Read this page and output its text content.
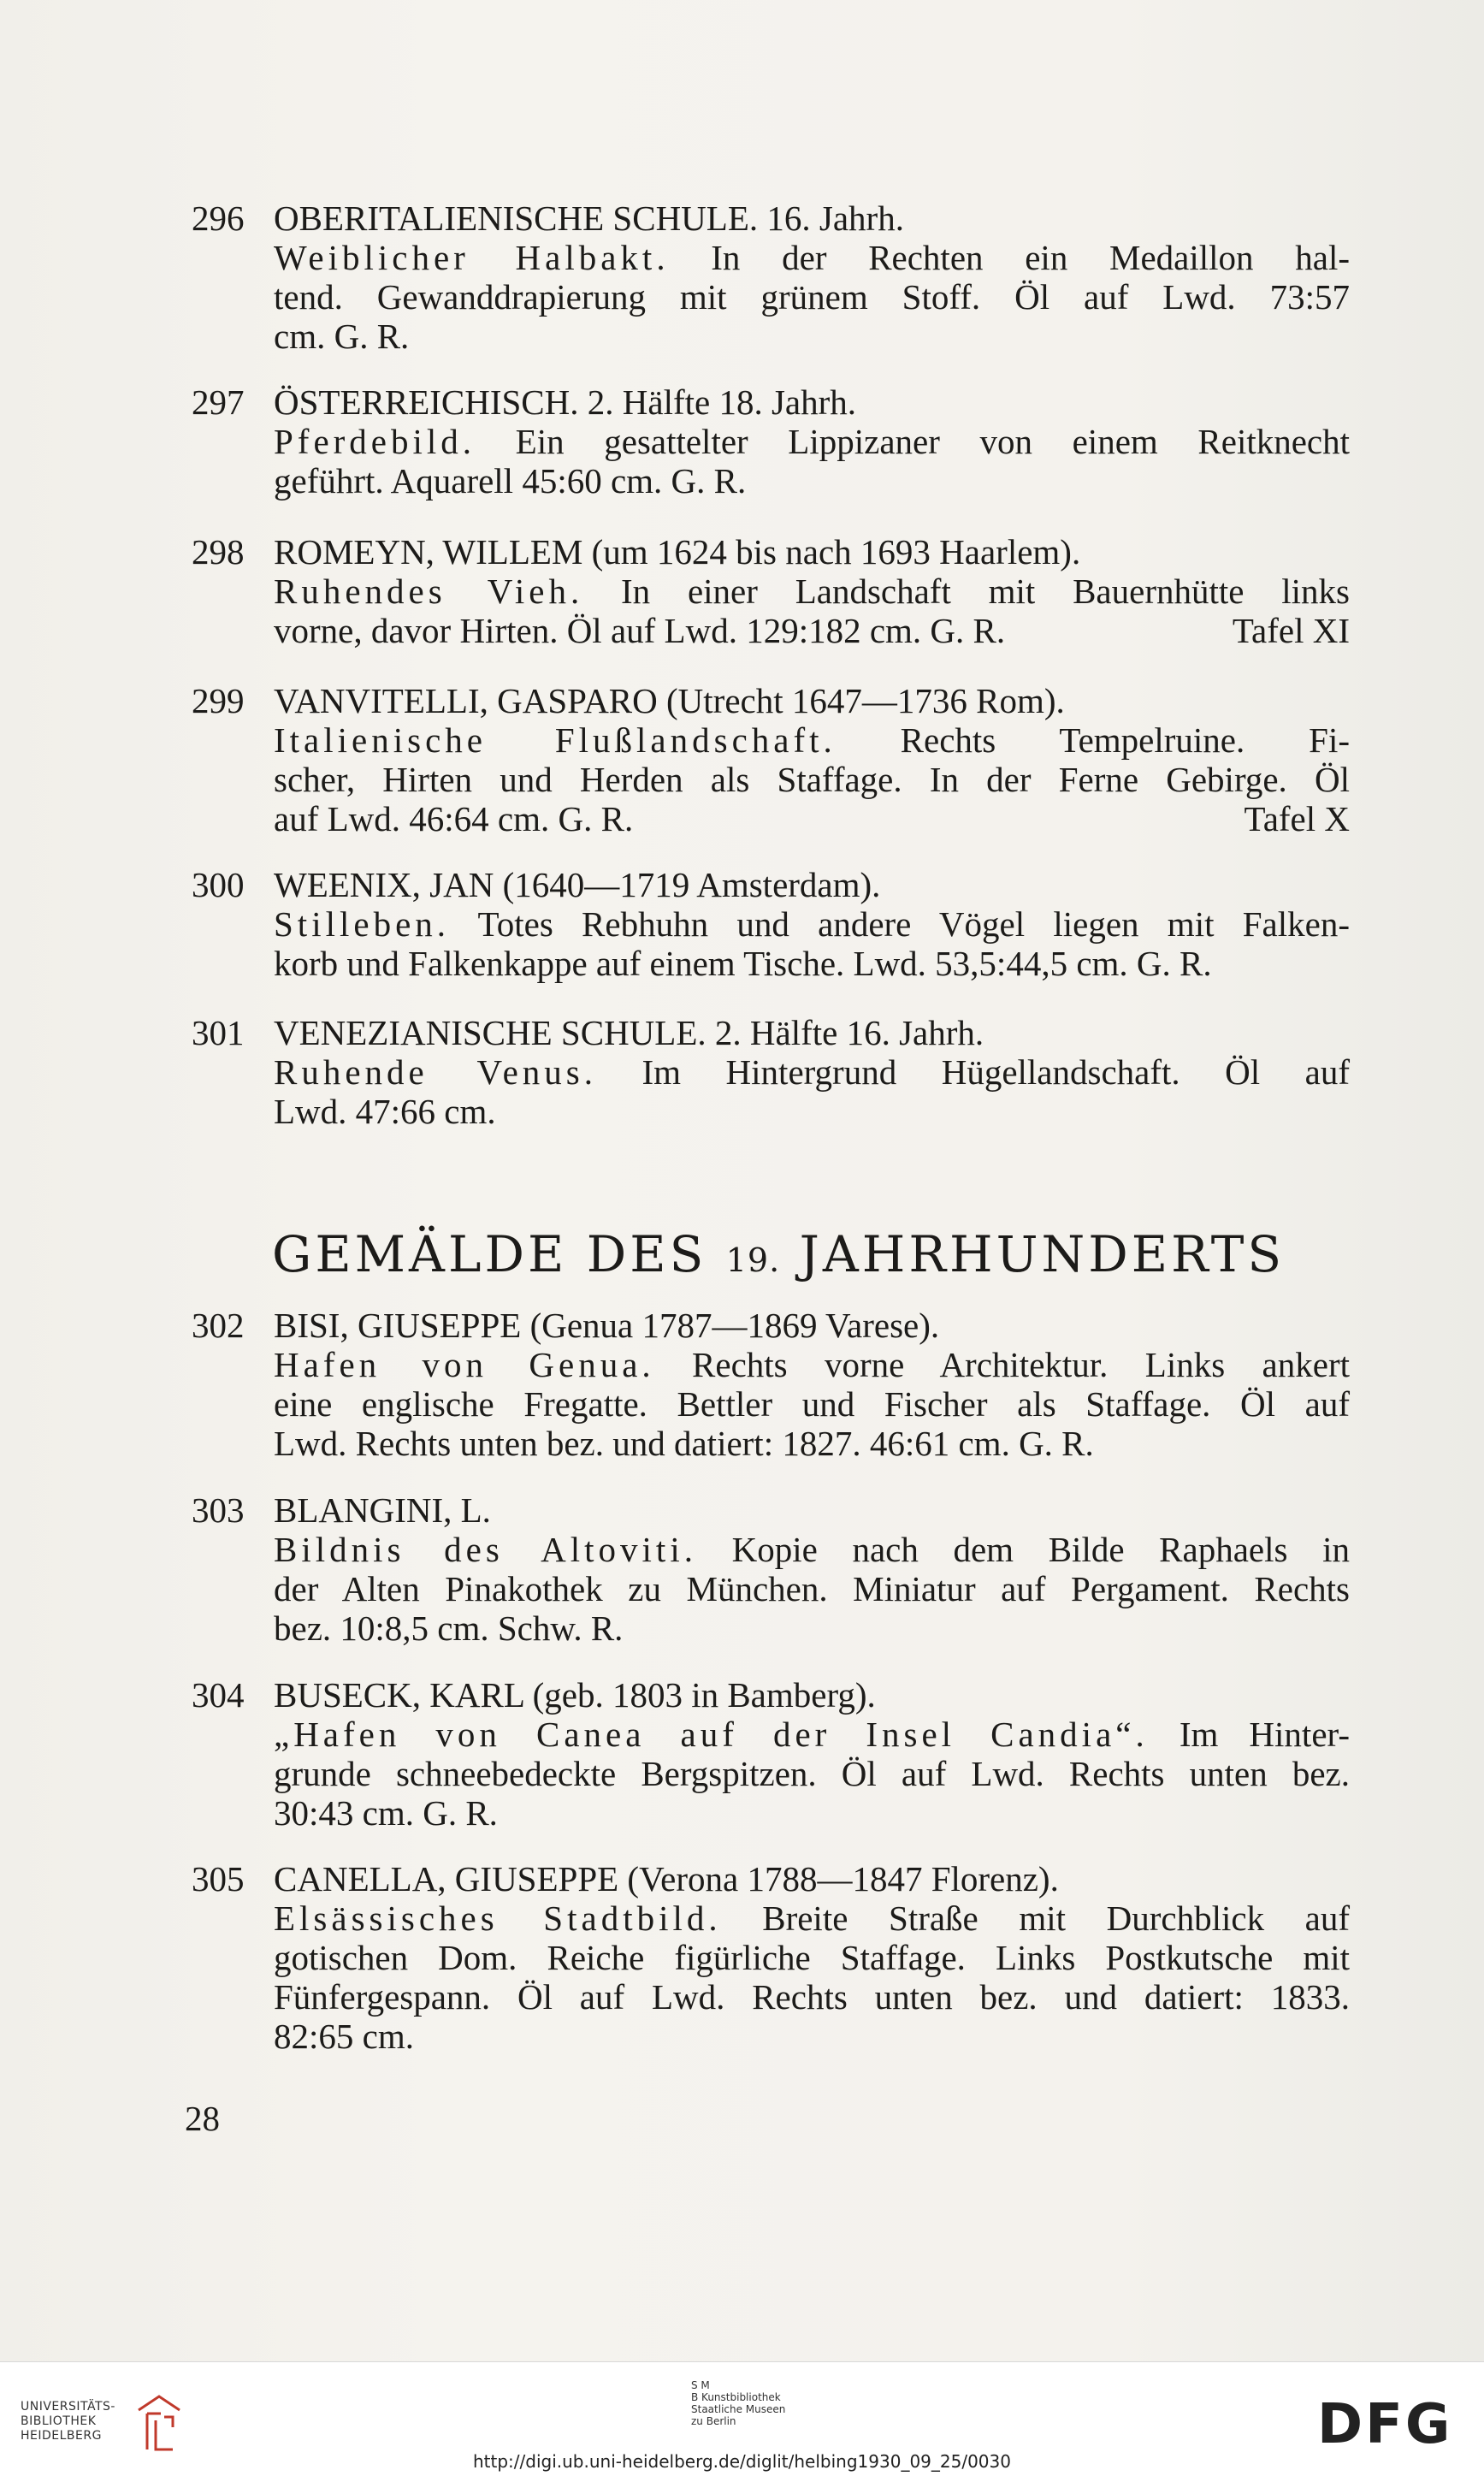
296 OBERITALIENISCHE SCHULE. 16. Jahrh.
Weiblicher Halbakt. In der Rechten ein Medaillon hal-
tend. Gewanddrapierung mit grünem Stoff. Öl auf Lwd. 73:57
cm. G. R.
297 ÖSTERREICHISCH. 2. Hälfte 18. Jahrh.
Pferdebild. Ein gesattelter Lippizaner von einem Reitknecht
geführt. Aquarell 45:60 cm. G. R.
298 ROMEYN, WILLEM (um 1624 bis nach 1693 Haarlem).
Ruhendes Vieh. In einer Landschaft mit Bauernhütte links
vorne, davor Hirten. Öl auf Lwd. 129:182 cm. G. R.	Tafel XI
299 VANVITELLI, GASPARO (Utrecht 1647—1736 Rom).
Italienische Flußlandschaft. Rechts Tempelruine. Fi-
scher, Hirten und Herden als Staffage. In der Ferne Gebirge. Öl
auf Lwd. 46:64 cm. G. R.	Tafel X
300 WEENIX, JAN (1640—1719 Amsterdam).
Stilleben. Totes Rebhuhn und andere Vögel liegen mit Falken-
korb und Falkenkappe auf einem Tische. Lwd. 53,5:44,5 cm. G. R.
301 VENEZIANISCHE SCHULE. 2. Hälfte 16. Jahrh.
Ruhende Venus. Im Hintergrund Hügellandschaft. Öl auf
Lwd. 47:66 cm.
GEMÄLDE DES 19. JAHRHUNDERTS
302 BISI, GIUSEPPE (Genua 1787—1869 Varese).
Hafen von Genua. Rechts vorne Architektur. Links ankert
eine englische Fregatte. Bettler und Fischer als Staffage. Öl auf
Lwd. Rechts unten bez. und datiert: 1827. 46:61 cm. G. R.
303 BLANGINI, L.
Bildnis des Altoviti. Kopie nach dem Bilde Raphaels in
der Alten Pinakothek zu München. Miniatur auf Pergament. Rechts
bez. 10:8,5 cm. Schw. R.
304 BUSECK, KARL (geb. 1803 in Bamberg).
„Hafen von Canea auf der Insel Candia“. Im Hinter-
grunde schneebedeckte Bergspitzen. Öl auf Lwd. Rechts unten bez.
30:43 cm. G. R.
305 CANELLA, GIUSEPPE (Verona 1788—1847 Florenz).
Elsässisches Stadtbild. Breite Straße mit Durchblick auf
gotischen Dom. Reiche figürliche Staffage. Links Postkutsche mit
Fünfergespann. Öl auf Lwd. Rechts unten bez. und datiert: 1833.
82:65 cm.
28
UNIVERSITÄTS-
BIBLIOTHEK
HEIDELBERG
S M
B Kunstbibliothek
Staatliche Museen
zu Berlin	DFG
http://digi.ub.uni-heidelberg.de/diglit/helbing1930_09_25/0030
